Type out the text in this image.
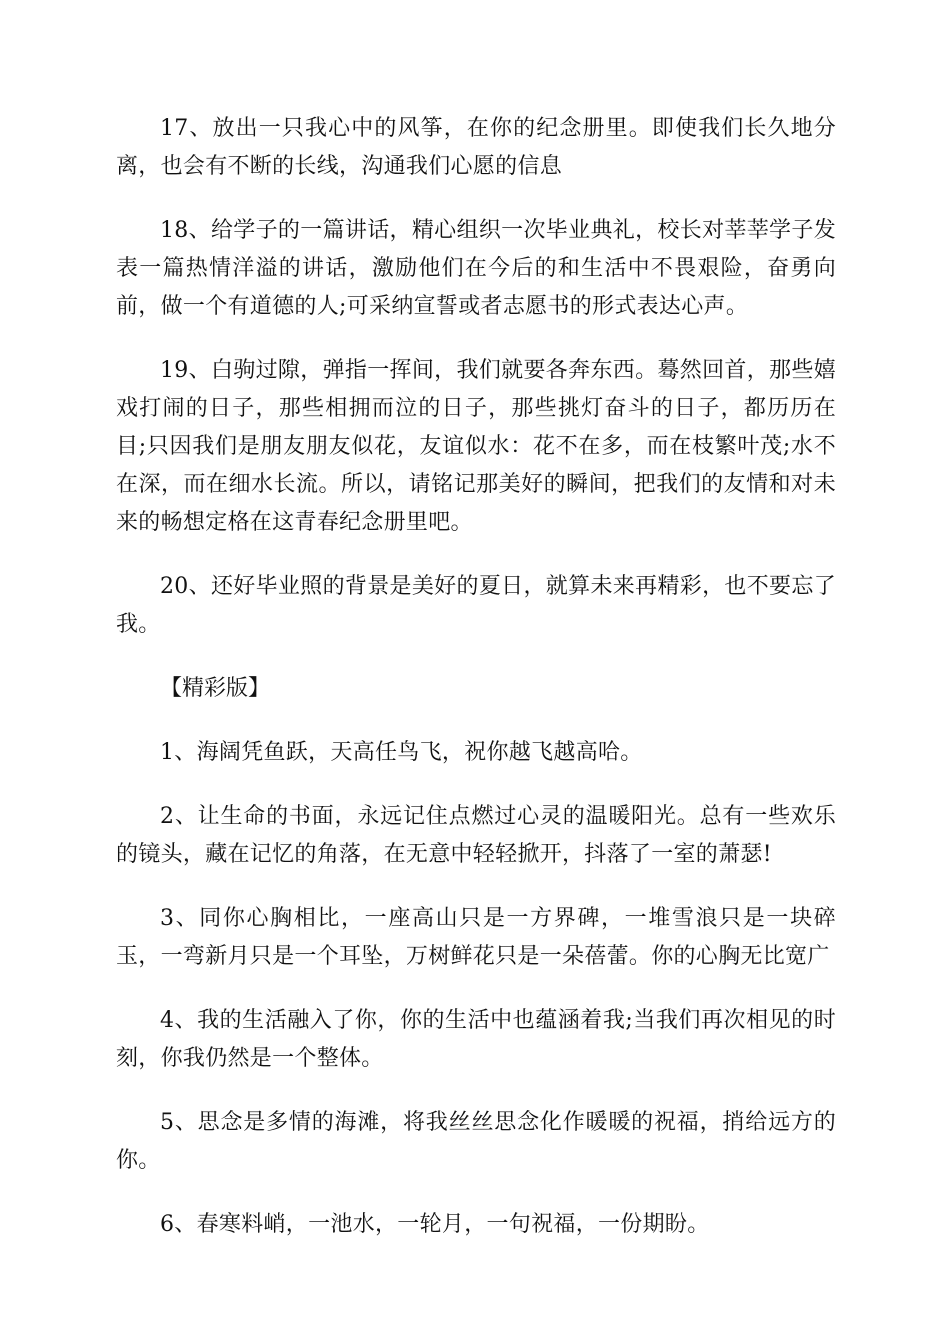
17、放出一只我心中的风筝，在你的纪念册里。即使我们长久地分离，也会有不断的长线，沟通我们心愿的信息

18、给学子的一篇讲话，精心组织一次毕业典礼，校长对莘莘学子发表一篇热情洋溢的讲话，激励他们在今后的和生活中不畏艰险，奋勇向前，做一个有道德的人;可采纳宣誓或者志愿书的形式表达心声。

19、白驹过隙，弹指一挥间，我们就要各奔东西。蓦然回首，那些嬉戏打闹的日子，那些相拥而泣的日子，那些挑灯奋斗的日子，都历历在目;只因我们是朋友朋友似花，友谊似水：花不在多，而在枝繁叶茂;水不在深，而在细水长流。所以，请铭记那美好的瞬间，把我们的友情和对未来的畅想定格在这青春纪念册里吧。

20、还好毕业照的背景是美好的夏日，就算未来再精彩，也不要忘了我。

【精彩版】

1、海阔凭鱼跃，天高任鸟飞，祝你越飞越高哈。

2、让生命的书面，永远记住点燃过心灵的温暖阳光。总有一些欢乐的镜头，藏在记忆的角落，在无意中轻轻掀开，抖落了一室的萧瑟!

3、同你心胸相比，一座高山只是一方界碑，一堆雪浪只是一块碎玉，一弯新月只是一个耳坠，万树鲜花只是一朵蓓蕾。你的心胸无比宽广

4、我的生活融入了你，你的生活中也蕴涵着我;当我们再次相见的时刻，你我仍然是一个整体。

5、思念是多情的海滩，将我丝丝思念化作暖暖的祝福，捎给远方的你。

6、春寒料峭，一池水，一轮月，一句祝福，一份期盼。
